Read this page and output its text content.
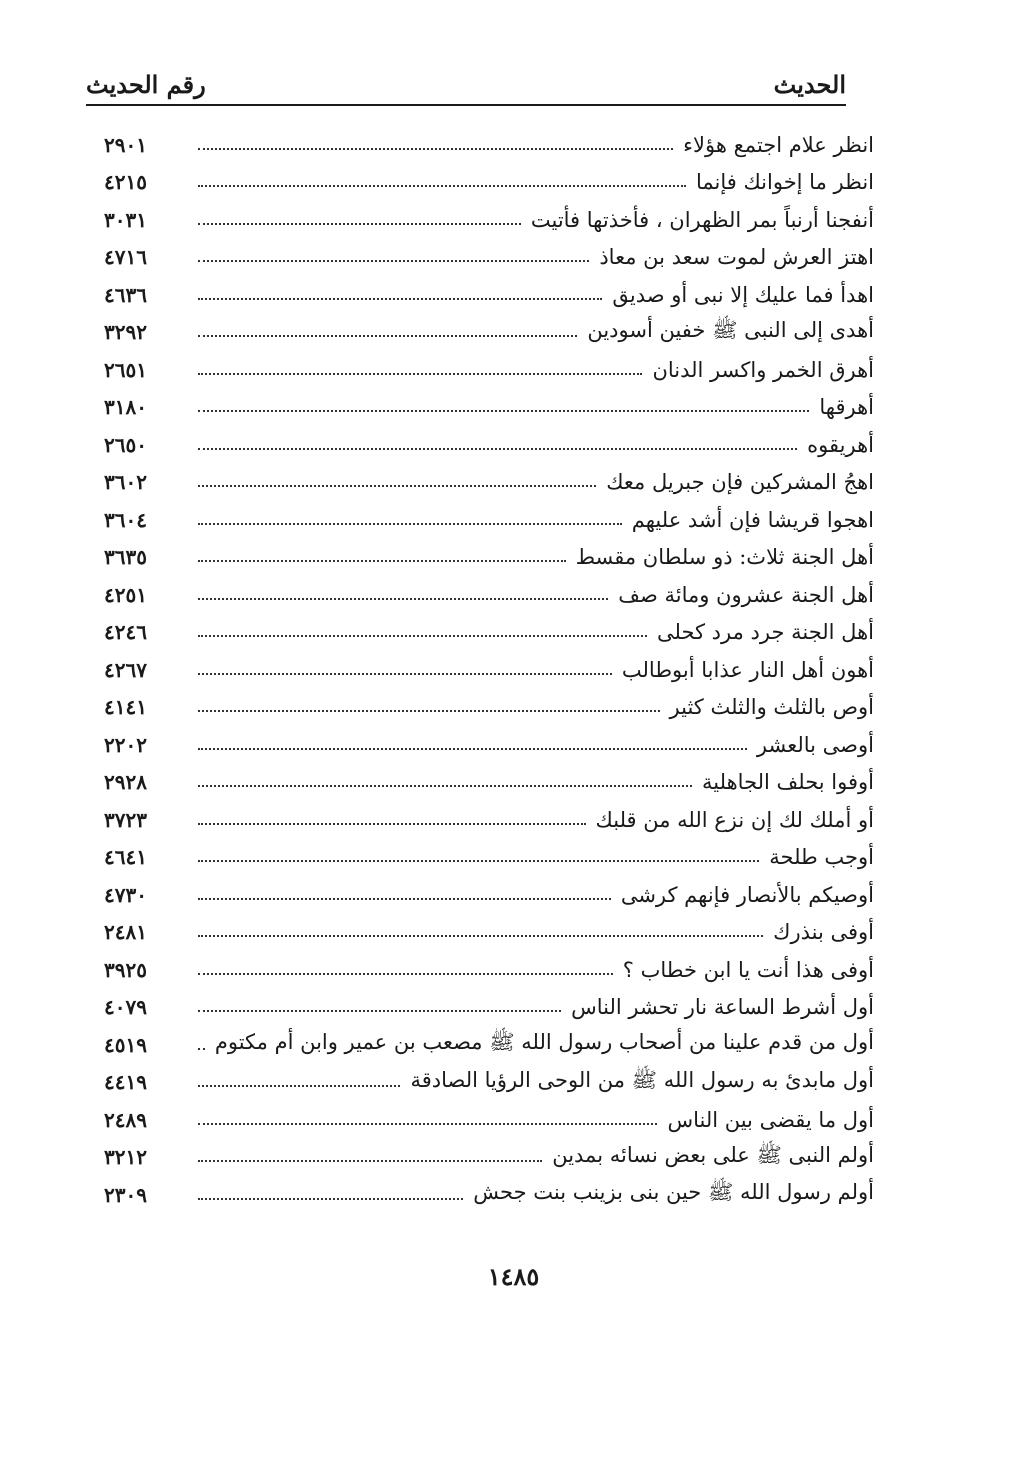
الحديث
رقم الحديث
انظر علام اجتمع هؤلاء
٢٩٠١
انظر ما إخوانك فإنما
٤٢١٥
أنفجنا أرنباً بمر الظهران ، فأخذتها فأتيت
٣٠٣١
اهتز العرش لموت سعد بن معاذ
٤٧١٦
اهدأ فما عليك إلا نبى أو صديق
٤٦٣٦
أهدى إلى النبى ﷺ خفين أسودين
٣٢٩٢
أهرق الخمر واكسر الدنان
٢٦٥١
أهرقها
٣١٨٠
أهريقوه
٢٦٥٠
اهجُ المشركين فإن جبريل معك
٣٦٠٢
اهجوا قريشا فإن أشد عليهم
٣٦٠٤
أهل الجنة ثلاث: ذو سلطان مقسط
٣٦٣٥
أهل الجنة عشرون ومائة صف
٤٢٥١
أهل الجنة جرد مرد كحلى
٤٢٤٦
أهون أهل النار عذابا أبوطالب
٤٢٦٧
أوص بالثلث والثلث كثير
٤١٤١
أوصى بالعشر
٢٢٠٢
أوفوا بحلف الجاهلية
٢٩٢٨
أو أملك لك إن نزع الله من قلبك
٣٧٢٣
أوجب طلحة
٤٦٤١
أوصيكم بالأنصار فإنهم كرشى
٤٧٣٠
أوفى بنذرك
٢٤٨١
أوفى هذا أنت يا ابن خطاب ؟
٣٩٢٥
أول أشرط الساعة نار تحشر الناس
٤٠٧٩
أول من قدم علينا من أصحاب رسول الله ﷺ مصعب بن عمير وابن أم مكتوم
٤٥١٩
أول مابدئ به رسول الله ﷺ من الوحى الرؤيا الصادقة
٤٤١٩
أول ما يقضى بين الناس
٢٤٨٩
أولم النبى ﷺ على بعض نسائه بمدين
٣٢١٢
أولم رسول الله ﷺ حين بنى بزينب بنت جحش
٢٣٠٩
١٤٨٥
